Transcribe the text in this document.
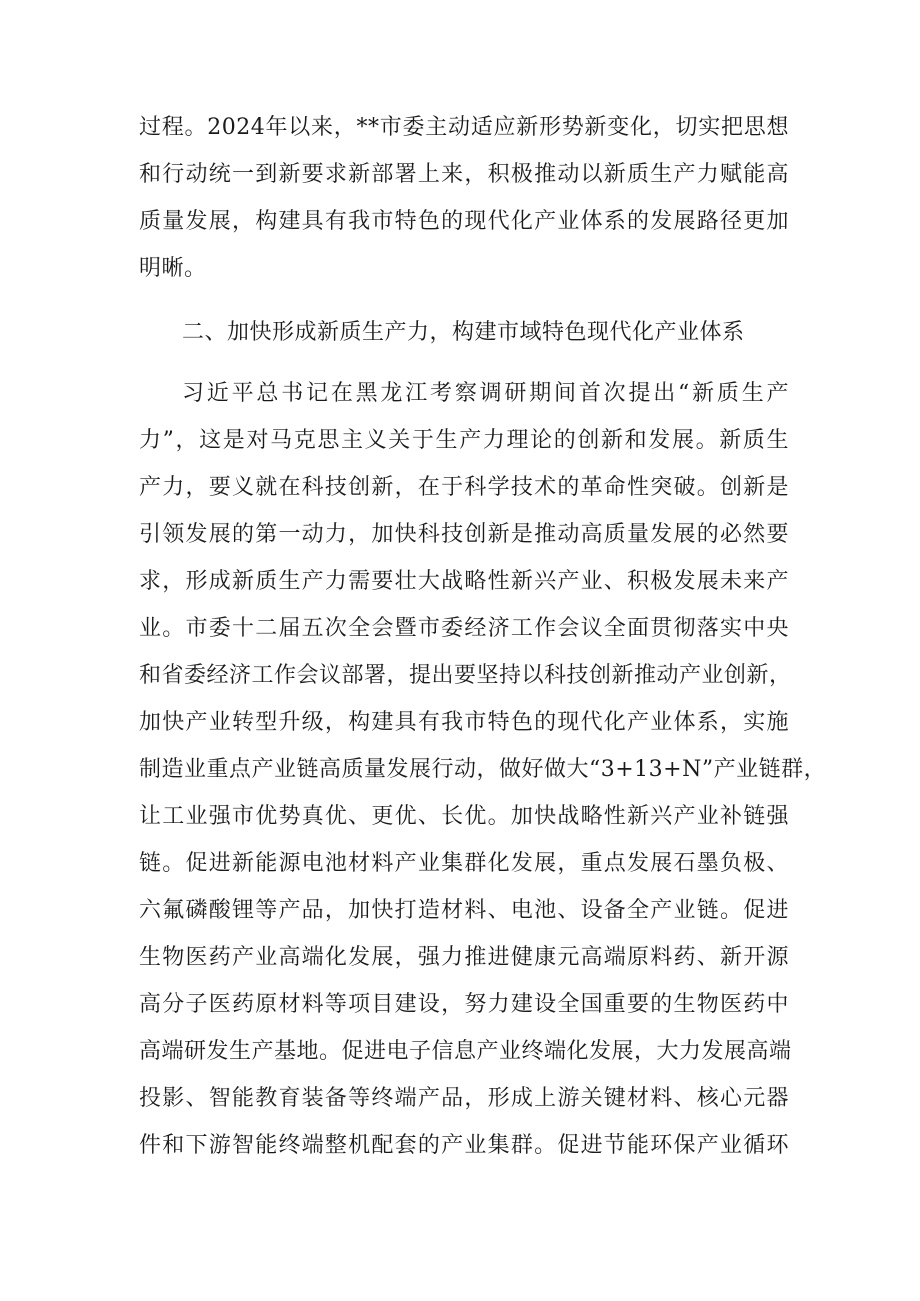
过程。2024年以来，**市委主动适应新形势新变化，切实把思想
和行动统一到新要求新部署上来，积极推动以新质生产力赋能高
质量发展，构建具有我市特色的现代化产业体系的发展路径更加
明晰。
二、加快形成新质生产力，构建市域特色现代化产业体系
习近平总书记在黑龙江考察调研期间首次提出“新质生产
力”，这是对马克思主义关于生产力理论的创新和发展。新质生
产力，要义就在科技创新，在于科学技术的革命性突破。创新是
引领发展的第一动力，加快科技创新是推动高质量发展的必然要
求，形成新质生产力需要壮大战略性新兴产业、积极发展未来产
业。市委十二届五次全会暨市委经济工作会议全面贯彻落实中央
和省委经济工作会议部署，提出要坚持以科技创新推动产业创新，
加快产业转型升级，构建具有我市特色的现代化产业体系，实施
制造业重点产业链高质量发展行动，做好做大“3+13+N”产业链群，
让工业强市优势真优、更优、长优。加快战略性新兴产业补链强
链。促进新能源电池材料产业集群化发展，重点发展石墨负极、
六氟磷酸锂等产品，加快打造材料、电池、设备全产业链。促进
生物医药产业高端化发展，强力推进健康元高端原料药、新开源
高分子医药原材料等项目建设，努力建设全国重要的生物医药中
高端研发生产基地。促进电子信息产业终端化发展，大力发展高端
投影、智能教育装备等终端产品，形成上游关键材料、核心元器
件和下游智能终端整机配套的产业集群。促进节能环保产业循环
